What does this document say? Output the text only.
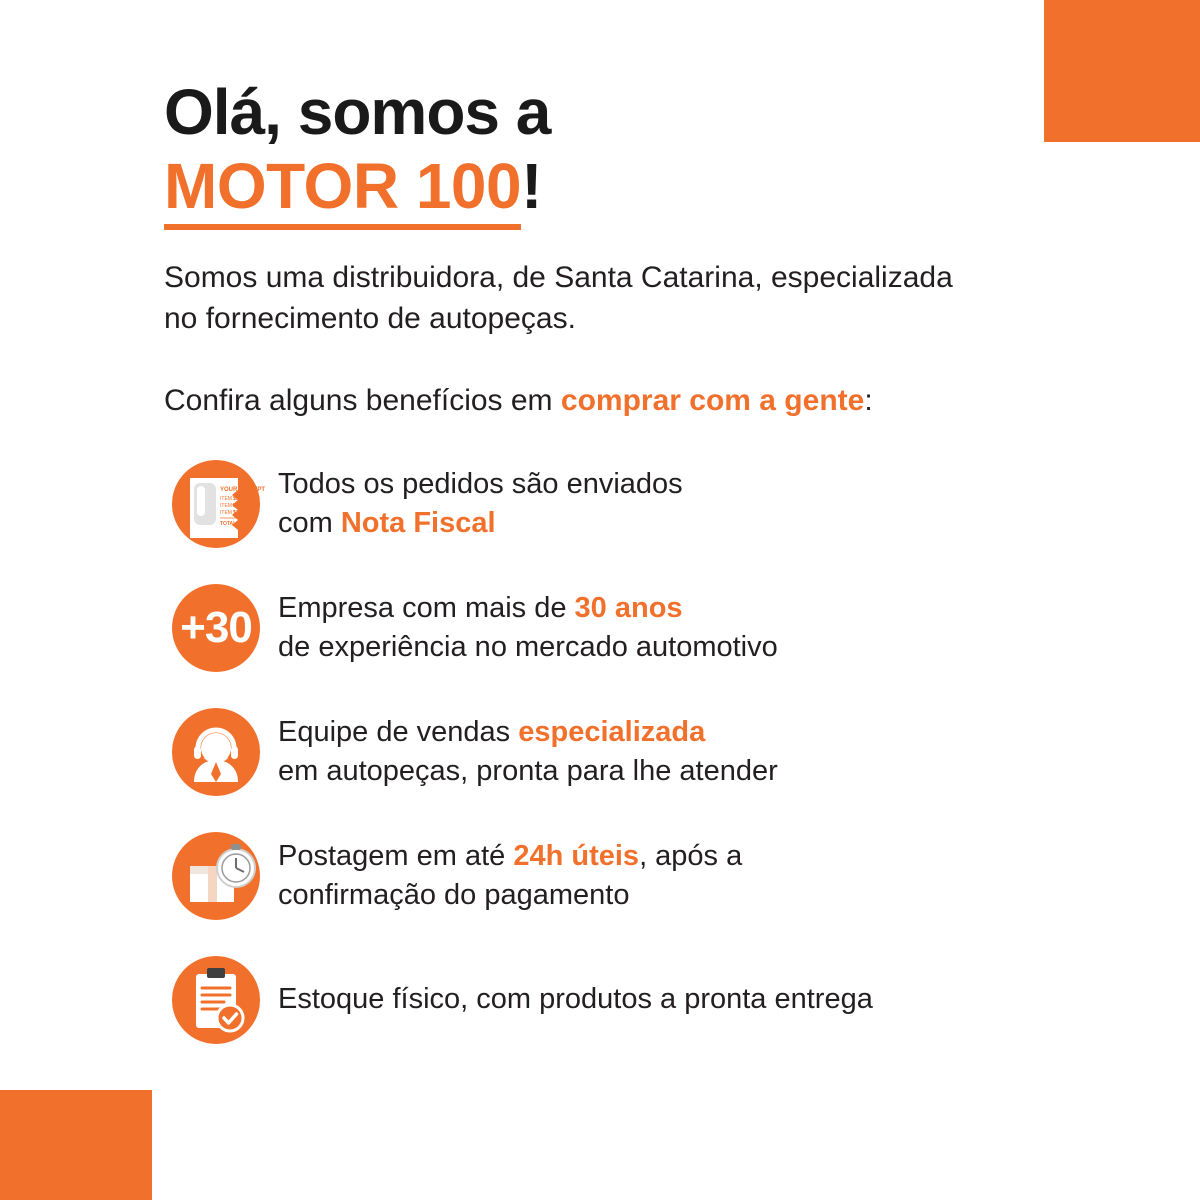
Olá, somos a
MOTOR 100!

Somos uma distribuidora, de Santa Catarina, especializada no fornecimento de autopeças.

Confira alguns benefícios em comprar com a gente:

YOUR RECEIPT
ITEM 1
$29.55
ITEM 1
$29.55
ITEM 1
$29.55
TOTAL $0.00
Todos os pedidos são enviados
com Nota Fiscal
+30 Empresa com mais de 30 anos
de experiência no mercado automotivo
Equipe de vendas especializada
em autopeças, pronta para lhe atender
Postagem em até 24h úteis, após a
confirmação do pagamento
Estoque físico, com produtos a pronta entrega
